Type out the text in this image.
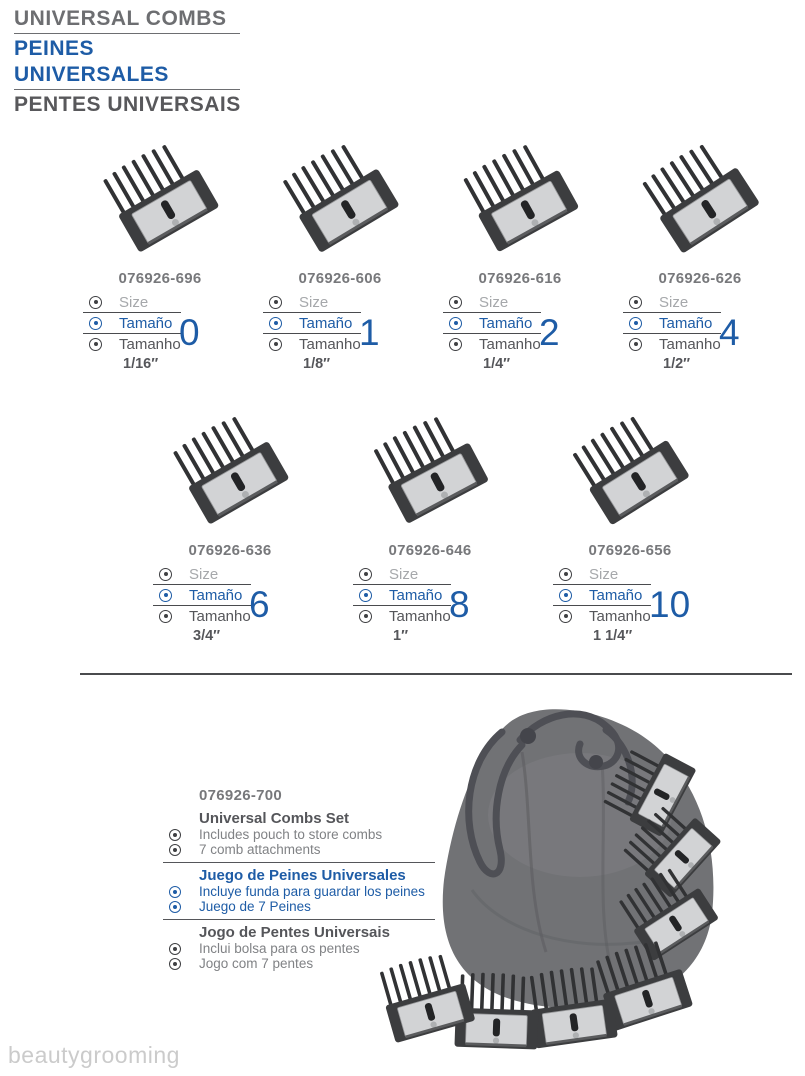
UNIVERSAL COMBS
PEINES UNIVERSALES
PENTES UNIVERSAIS
076926-696
Size
Tamaño
Tamanho
1/16″
0
076926-606
Size
Tamaño
Tamanho
1/8″
1
076926-616
Size
Tamaño
Tamanho
1/4″
2
076926-626
Size
Tamaño
Tamanho
1/2″
4
076926-636
Size
Tamaño
Tamanho
3/4″
6
076926-646
Size
Tamaño
Tamanho
1″
8
076926-656
Size
Tamaño
Tamanho
1 1/4″
10
076926-700
Universal Combs Set
Includes pouch to store combs
7 comb attachments
Juego de Peines Universales
Incluye funda para guardar los peines
Juego de 7 Peines
Jogo de Pentes Universais
Inclui bolsa para os pentes
Jogo com 7 pentes
beautygrooming
